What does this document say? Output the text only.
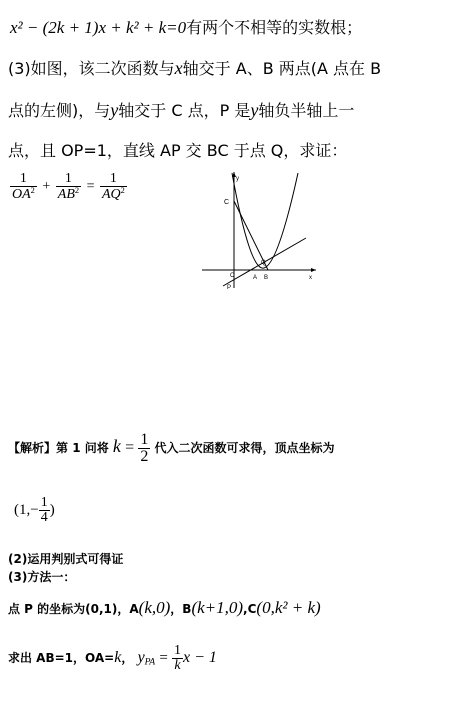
x² − (2k + 1)x + k² + k=0有两个不相等的实数根；
(3)如图，该二次函数与x轴交于 A、B 两点(A 点在 B
点的左侧)，与y轴交于 C 点，P 是y轴负半轴上一
点，且 OP=1，直线 AP 交 BC 于点 Q，求证：
$\frac{1}{OA^2} + \frac{1}{AB^2} = \frac{1}{AQ^2}$
C
y
x
O
P
A B
Q
【解析】第 1 问将 $k = \frac{1}{2}$ 代入二次函数可求得，顶点坐标为
($1,- \frac{1}{4}$ )
(2)运用判别式可得证
(3)方法一：
点 P 的坐标为(0,1)，A(k,0)，B(k+1,0),C(0,k² + k)
求出 AB=1，OA=k， $y_{PA} = \frac{1}{k}$ x − 1
